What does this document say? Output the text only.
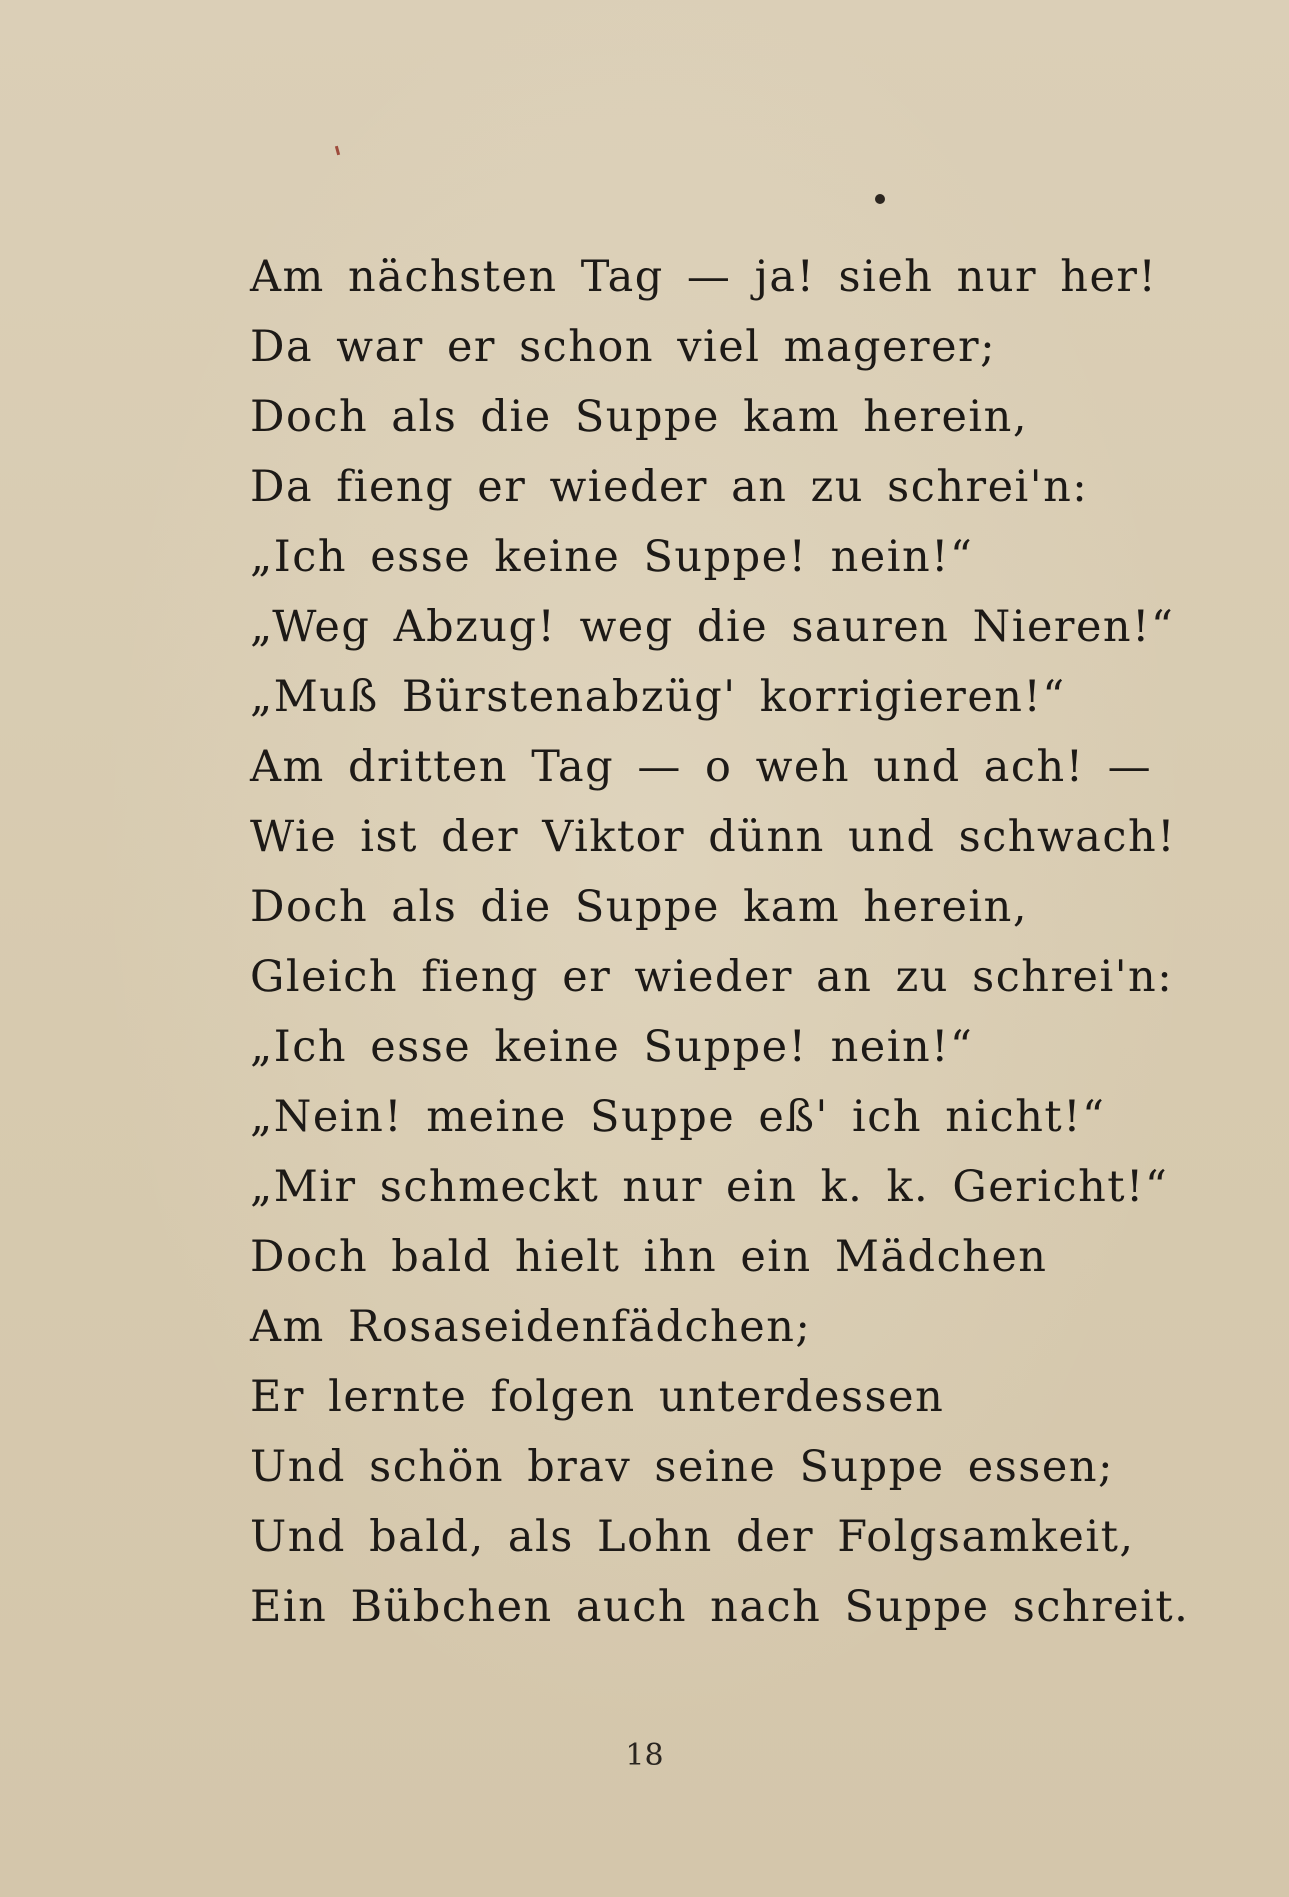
Am nächsten Tag — ja! sieh nur her!
Da war er schon viel magerer;
Doch als die Suppe kam herein,
Da fieng er wieder an zu schrei'n:
„Ich esse keine Suppe! nein!“
„Weg Abzug! weg die sauren Nieren!“
„Muß Bürstenabzüg' korrigieren!“
Am dritten Tag — o weh und ach! —
Wie ist der Viktor dünn und schwach!
Doch als die Suppe kam herein,
Gleich fieng er wieder an zu schrei'n:
„Ich esse keine Suppe! nein!“
„Nein! meine Suppe eß' ich nicht!“
„Mir schmeckt nur ein k. k. Gericht!“
Doch bald hielt ihn ein Mädchen
Am Rosaseidenfädchen;
Er lernte folgen unterdessen
Und schön brav seine Suppe essen;
Und bald, als Lohn der Folgsamkeit,
Ein Bübchen auch nach Suppe schreit.
18
